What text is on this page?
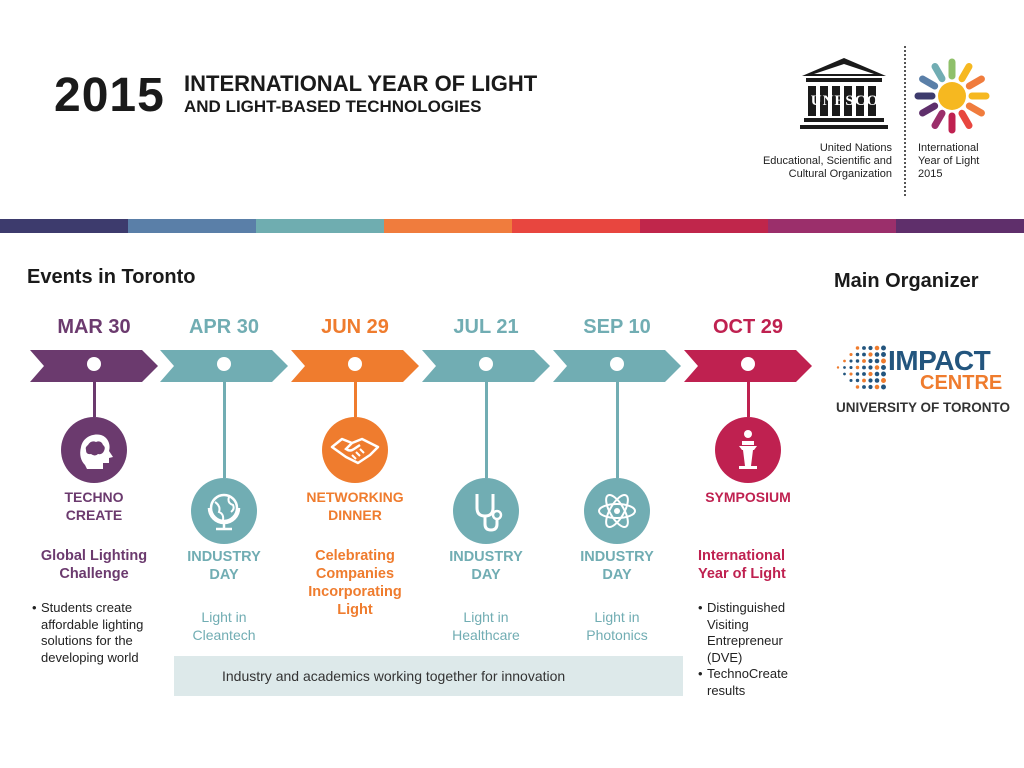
2015 INTERNATIONAL YEAR OF LIGHT
AND LIGHT-BASED TECHNOLOGIES	UNESCO
United Nations
Educational, Scientific and
Cultural Organization
International
Year of Light
2015
Events in Toronto	Main Organizer
MAR 30
TECHNO
CREATE
Global Lighting
Challenge
• Students create affordable lighting solutions for the developing world
APR 30
INDUSTRY
DAY
Light in
Cleantech
JUN 29
NETWORKING
DINNER
Celebrating
Companies
Incorporating
Light
JUL 21
INDUSTRY
DAY
Light in
Healthcare
SEP 10
INDUSTRY
DAY
Light in
Photonics
OCT 29
SYMPOSIUM
International
Year of Light
• Distinguished Visiting Entrepreneur (DVE)
• TechnoCreate results
Industry and academics working together for innovation
IMPACT
CENTRE
UNIVERSITY OF TORONTO
